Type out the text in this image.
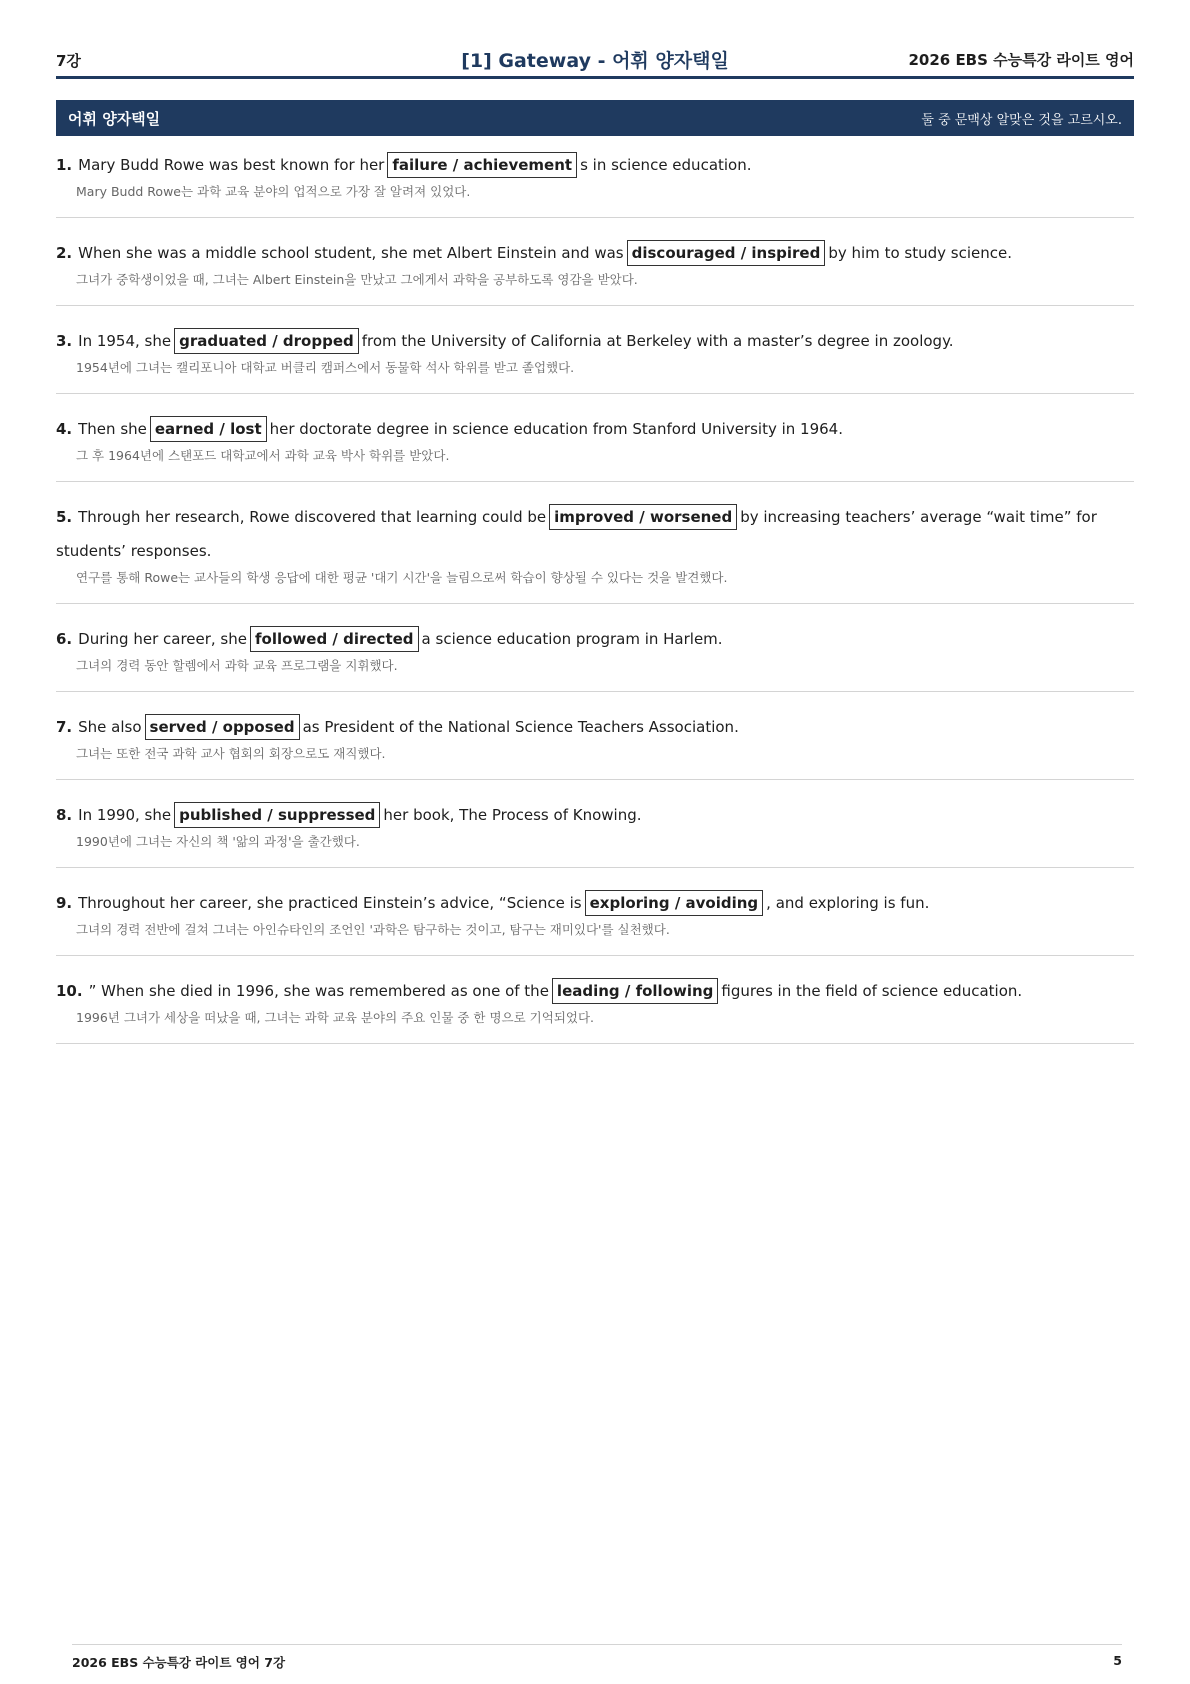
7강	[1] Gateway - 어휘 양자택일	2026 EBS 수능특강 라이트 영어
어휘 양자택일	둘 중 문맥상 알맞은 것을 고르시오.
1. Mary Budd Rowe was best known for her failure / achievement s in science education.
Mary Budd Rowe는 과학 교육 분야의 업적으로 가장 잘 알려져 있었다.
2. When she was a middle school student, she met Albert Einstein and was discouraged / inspired by him to study science.
그녀가 중학생이었을 때, 그녀는 Albert Einstein을 만났고 그에게서 과학을 공부하도록 영감을 받았다.
3. In 1954, she graduated / dropped from the University of California at Berkeley with a master’s degree in zoology.
1954년에 그녀는 캘리포니아 대학교 버클리 캠퍼스에서 동물학 석사 학위를 받고 졸업했다.
4. Then she earned / lost her doctorate degree in science education from Stanford University in 1964.
그 후 1964년에 스탠포드 대학교에서 과학 교육 박사 학위를 받았다.
5. Through her research, Rowe discovered that learning could be improved / worsened by increasing teachers’ average “wait time” for students’ responses.
연구를 통해 Rowe는 교사들의 학생 응답에 대한 평균 '대기 시간'을 늘림으로써 학습이 향상될 수 있다는 것을 발견했다.
6. During her career, she followed / directed a science education program in Harlem.
그녀의 경력 동안 할렘에서 과학 교육 프로그램을 지휘했다.
7. She also served / opposed as President of the National Science Teachers Association.
그녀는 또한 전국 과학 교사 협회의 회장으로도 재직했다.
8. In 1990, she published / suppressed her book, The Process of Knowing.
1990년에 그녀는 자신의 책 '앎의 과정'을 출간했다.
9. Throughout her career, she practiced Einstein’s advice, “Science is exploring / avoiding , and exploring is fun.
그녀의 경력 전반에 걸쳐 그녀는 아인슈타인의 조언인 '과학은 탐구하는 것이고, 탐구는 재미있다'를 실천했다.
10. ” When she died in 1996, she was remembered as one of the leading / following figures in the field of science education.
1996년 그녀가 세상을 떠났을 때, 그녀는 과학 교육 분야의 주요 인물 중 한 명으로 기억되었다.
2026 EBS 수능특강 라이트 영어 7강	5
